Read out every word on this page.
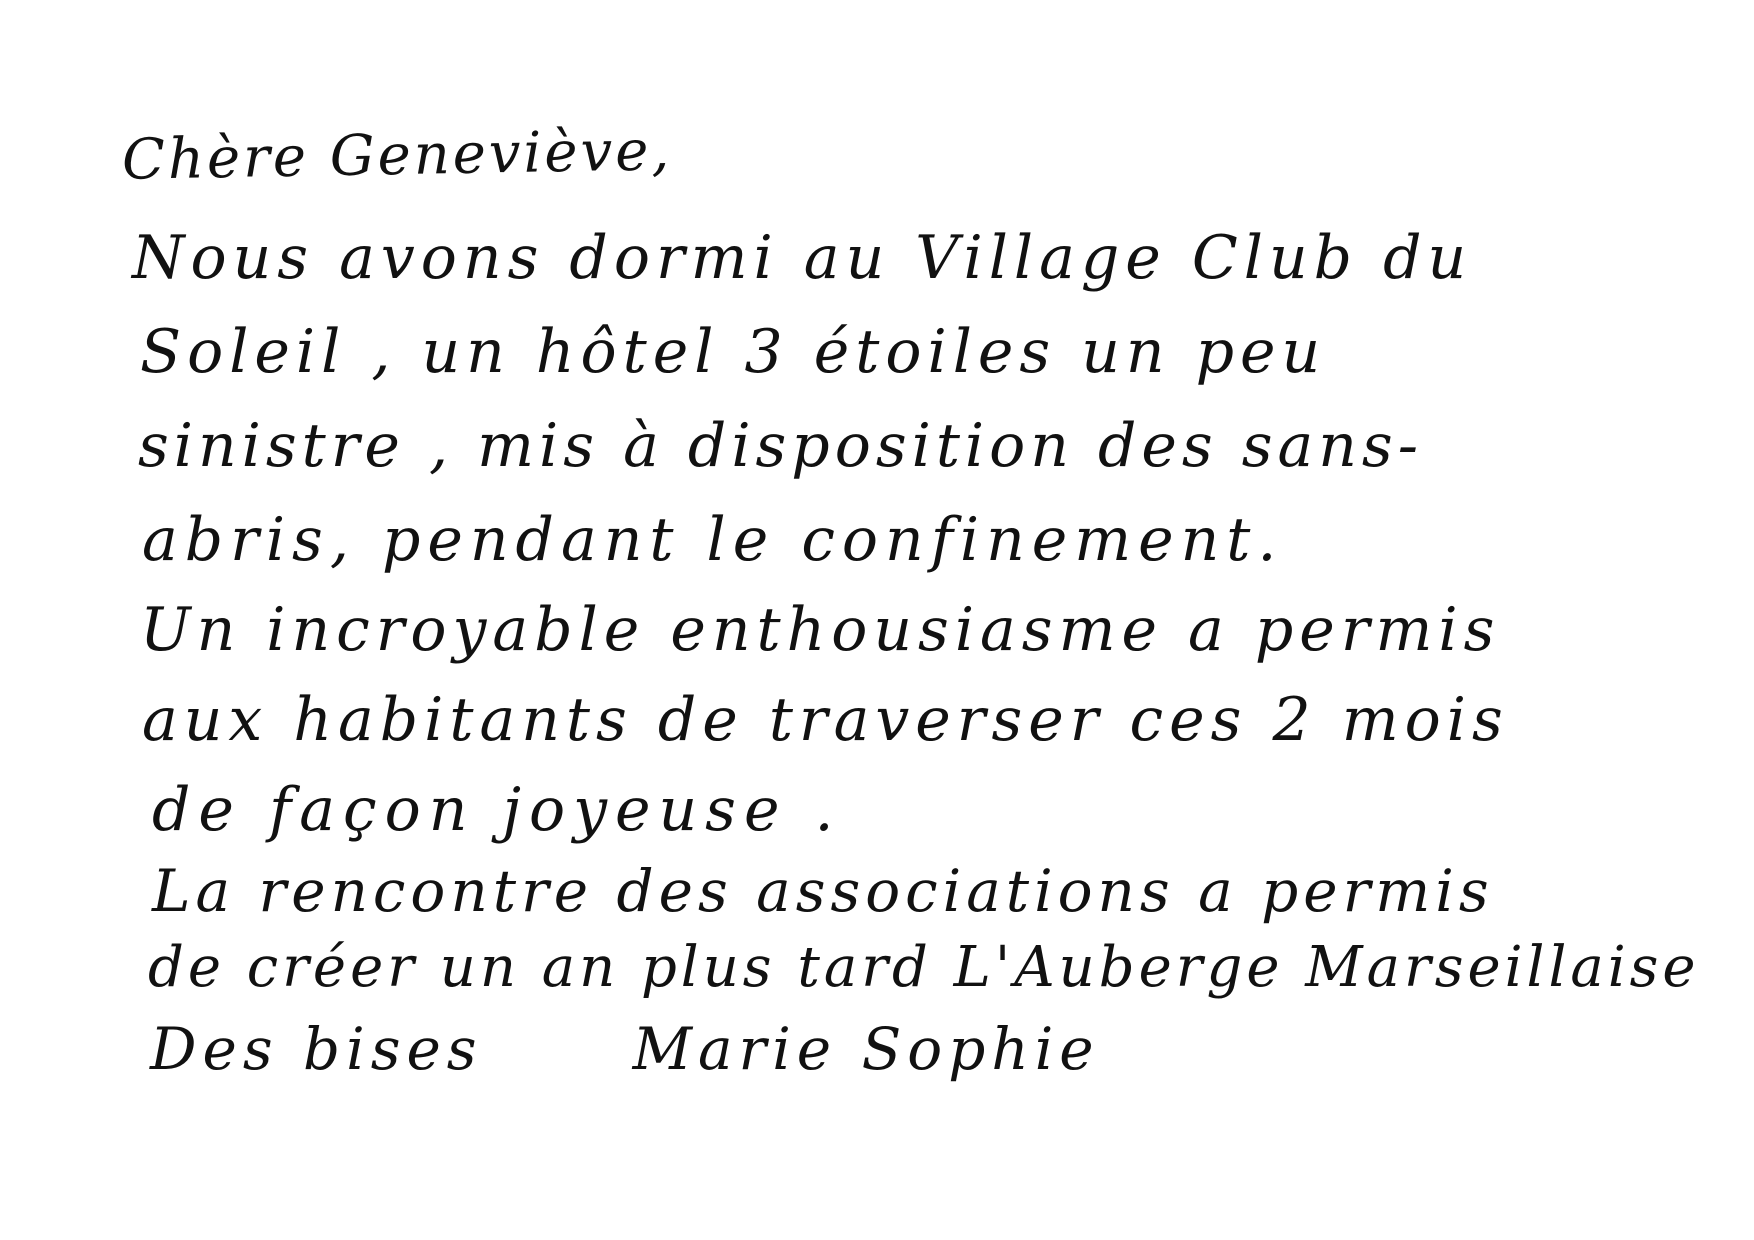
Chère Geneviève,
Nous avons dormi au Village Club du
Soleil , un hôtel 3 étoiles un peu
sinistre , mis à disposition des sans-
abris, pendant le confinement.
Un incroyable enthousiasme a permis
aux habitants de traverser ces 2 mois
de façon joyeuse .
La rencontre des associations a permis
de créer un an plus tard L'Auberge Marseillaise
Des bises	Marie Sophie
